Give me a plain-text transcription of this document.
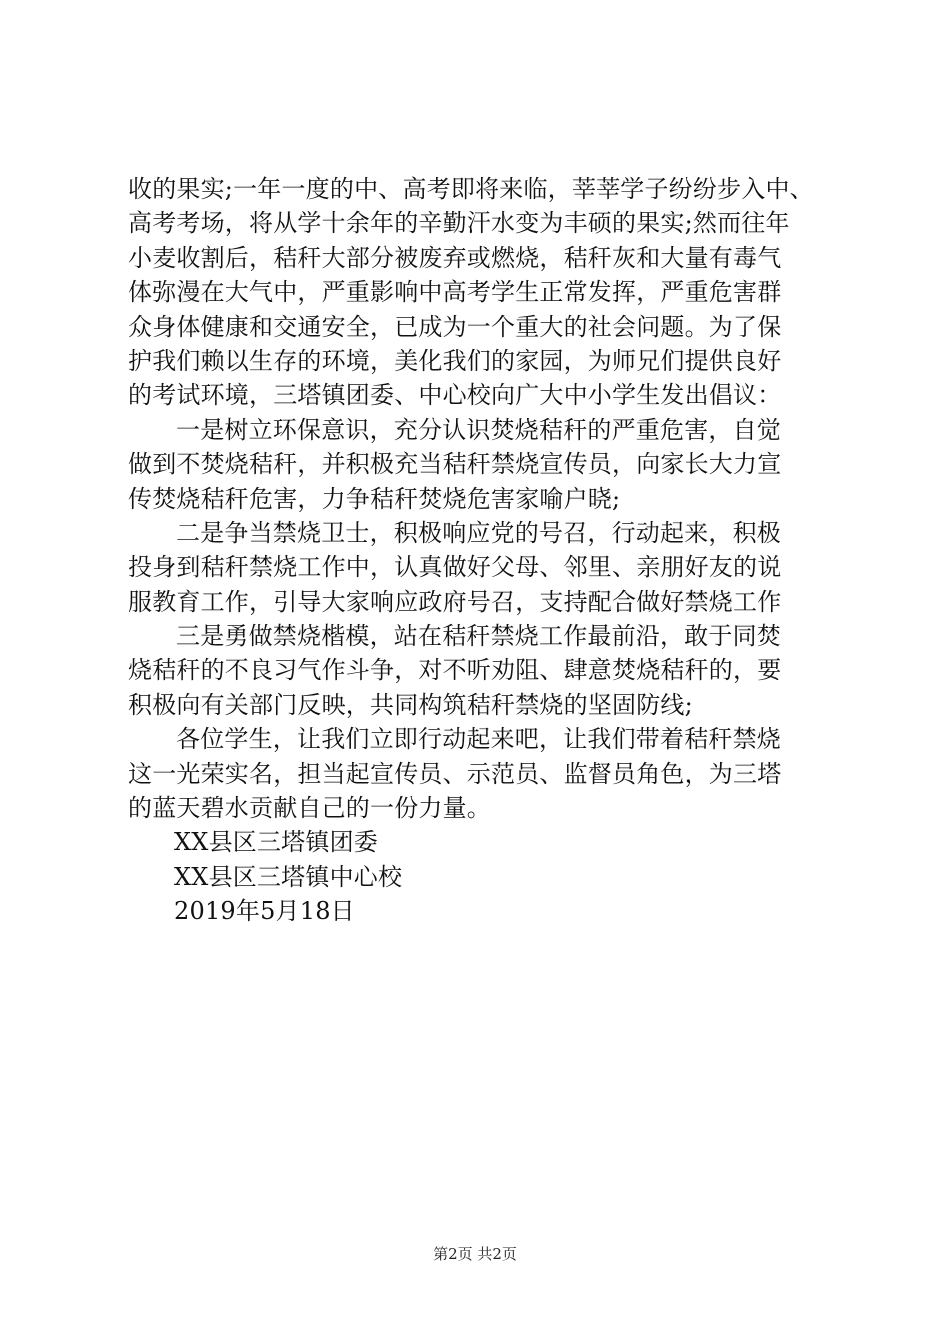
收的果实;一年一度的中、高考即将来临，莘莘学子纷纷步入中、
高考考场，将从学十余年的辛勤汗水变为丰硕的果实;然而往年
小麦收割后，秸秆大部分被废弃或燃烧，秸秆灰和大量有毒气
体弥漫在大气中，严重影响中高考学生正常发挥，严重危害群
众身体健康和交通安全，已成为一个重大的社会问题。为了保
护我们赖以生存的环境，美化我们的家园，为师兄们提供良好
的考试环境，三塔镇团委、中心校向广大中小学生发出倡议：
一是树立环保意识，充分认识焚烧秸秆的严重危害，自觉
做到不焚烧秸秆，并积极充当秸秆禁烧宣传员，向家长大力宣
传焚烧秸秆危害，力争秸秆焚烧危害家喻户晓;
二是争当禁烧卫士，积极响应党的号召，行动起来，积极
投身到秸秆禁烧工作中，认真做好父母、邻里、亲朋好友的说
服教育工作，引导大家响应政府号召，支持配合做好禁烧工作
三是勇做禁烧楷模，站在秸秆禁烧工作最前沿，敢于同焚
烧秸秆的不良习气作斗争，对不听劝阻、肆意焚烧秸秆的，要
积极向有关部门反映，共同构筑秸秆禁烧的坚固防线;
各位学生，让我们立即行动起来吧，让我们带着秸秆禁烧
这一光荣实名，担当起宣传员、示范员、监督员角色，为三塔
的蓝天碧水贡献自己的一份力量。
XX县区三塔镇团委
XX县区三塔镇中心校
2019年5月18日
第2页 共2页
